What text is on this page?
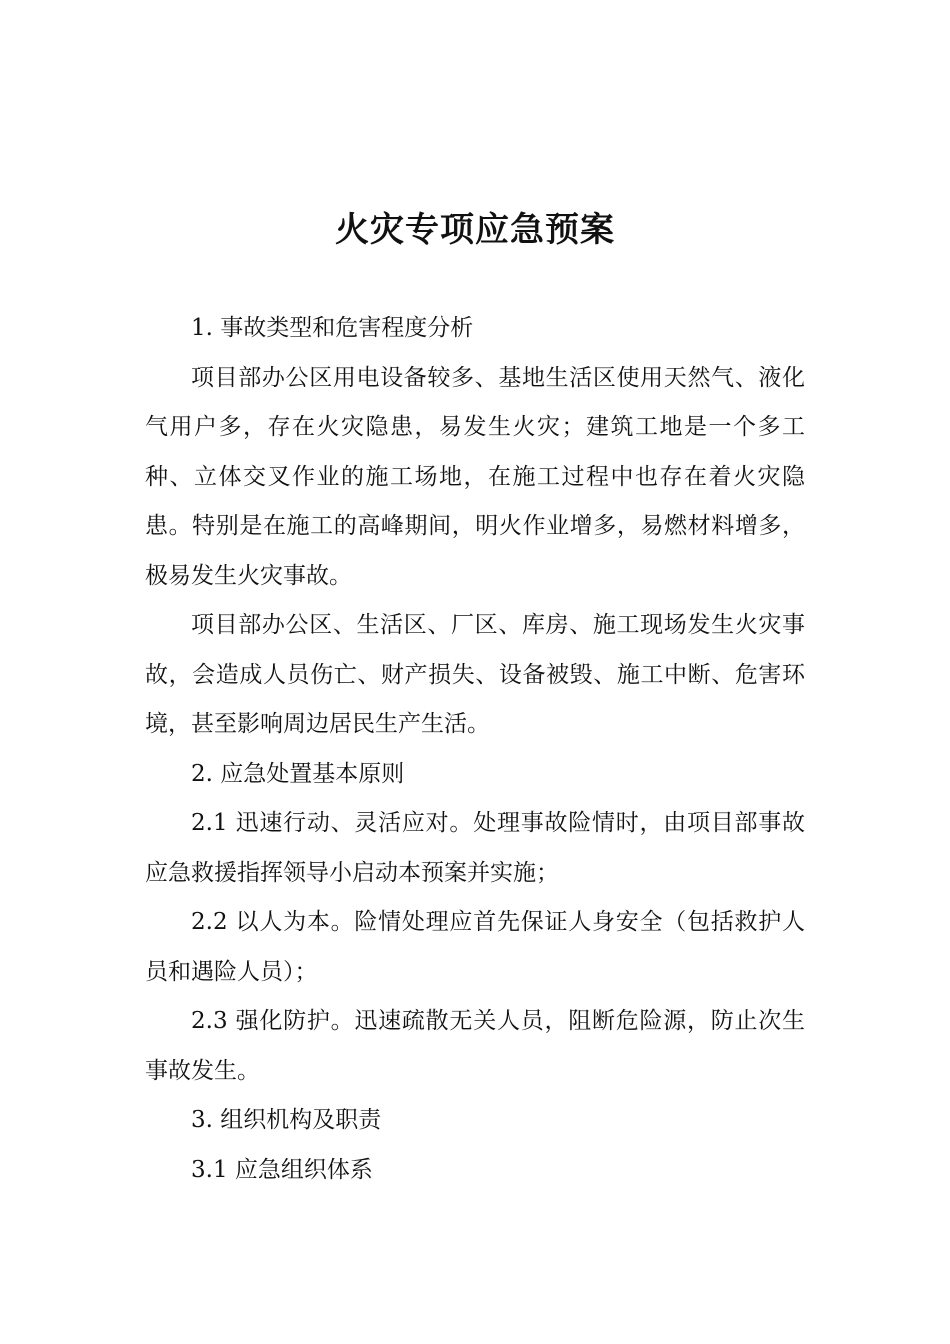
火灾专项应急预案

1. 事故类型和危害程度分析

项目部办公区用电设备较多、基地生活区使用天然气、液化气用户多，存在火灾隐患，易发生火灾；建筑工地是一个多工种、立体交叉作业的施工场地，在施工过程中也存在着火灾隐患。特别是在施工的高峰期间，明火作业增多，易燃材料增多，极易发生火灾事故。

项目部办公区、生活区、厂区、库房、施工现场发生火灾事故，会造成人员伤亡、财产损失、设备被毁、施工中断、危害环境，甚至影响周边居民生产生活。

2. 应急处置基本原则

2.1 迅速行动、灵活应对。处理事故险情时，由项目部事故应急救援指挥领导小启动本预案并实施；

2.2 以人为本。险情处理应首先保证人身安全（包括救护人员和遇险人员）；

2.3 强化防护。迅速疏散无关人员，阻断危险源，防止次生事故发生。

3. 组织机构及职责

3.1 应急组织体系
